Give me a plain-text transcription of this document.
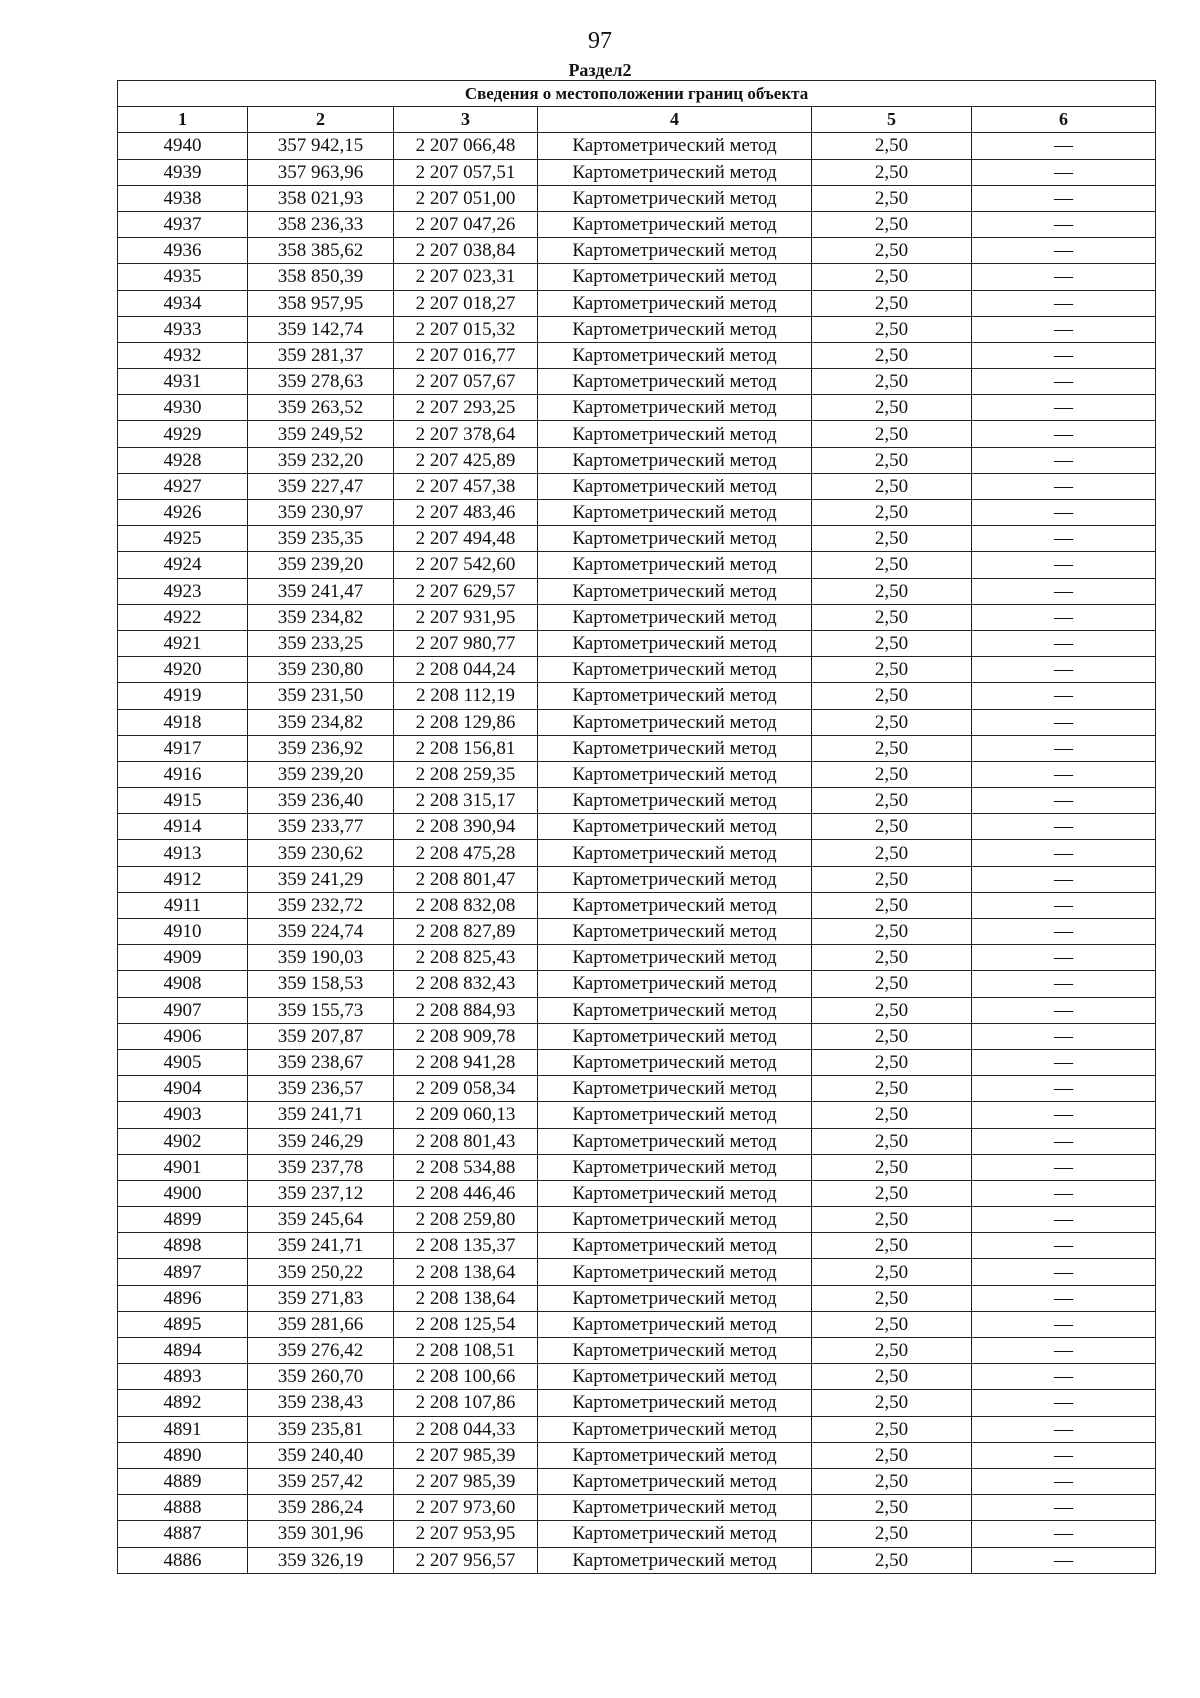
97
Раздел2
Сведения о местоположении границ объекта					
1	2	3	4	5	6
4940	357 942,15	2 207 066,48	Картометрический метод	2,50	—
4939	357 963,96	2 207 057,51	Картометрический метод	2,50	—
4938	358 021,93	2 207 051,00	Картометрический метод	2,50	—
4937	358 236,33	2 207 047,26	Картометрический метод	2,50	—
4936	358 385,62	2 207 038,84	Картометрический метод	2,50	—
4935	358 850,39	2 207 023,31	Картометрический метод	2,50	—
4934	358 957,95	2 207 018,27	Картометрический метод	2,50	—
4933	359 142,74	2 207 015,32	Картометрический метод	2,50	—
4932	359 281,37	2 207 016,77	Картометрический метод	2,50	—
4931	359 278,63	2 207 057,67	Картометрический метод	2,50	—
4930	359 263,52	2 207 293,25	Картометрический метод	2,50	—
4929	359 249,52	2 207 378,64	Картометрический метод	2,50	—
4928	359 232,20	2 207 425,89	Картометрический метод	2,50	—
4927	359 227,47	2 207 457,38	Картометрический метод	2,50	—
4926	359 230,97	2 207 483,46	Картометрический метод	2,50	—
4925	359 235,35	2 207 494,48	Картометрический метод	2,50	—
4924	359 239,20	2 207 542,60	Картометрический метод	2,50	—
4923	359 241,47	2 207 629,57	Картометрический метод	2,50	—
4922	359 234,82	2 207 931,95	Картометрический метод	2,50	—
4921	359 233,25	2 207 980,77	Картометрический метод	2,50	—
4920	359 230,80	2 208 044,24	Картометрический метод	2,50	—
4919	359 231,50	2 208 112,19	Картометрический метод	2,50	—
4918	359 234,82	2 208 129,86	Картометрический метод	2,50	—
4917	359 236,92	2 208 156,81	Картометрический метод	2,50	—
4916	359 239,20	2 208 259,35	Картометрический метод	2,50	—
4915	359 236,40	2 208 315,17	Картометрический метод	2,50	—
4914	359 233,77	2 208 390,94	Картометрический метод	2,50	—
4913	359 230,62	2 208 475,28	Картометрический метод	2,50	—
4912	359 241,29	2 208 801,47	Картометрический метод	2,50	—
4911	359 232,72	2 208 832,08	Картометрический метод	2,50	—
4910	359 224,74	2 208 827,89	Картометрический метод	2,50	—
4909	359 190,03	2 208 825,43	Картометрический метод	2,50	—
4908	359 158,53	2 208 832,43	Картометрический метод	2,50	—
4907	359 155,73	2 208 884,93	Картометрический метод	2,50	—
4906	359 207,87	2 208 909,78	Картометрический метод	2,50	—
4905	359 238,67	2 208 941,28	Картометрический метод	2,50	—
4904	359 236,57	2 209 058,34	Картометрический метод	2,50	—
4903	359 241,71	2 209 060,13	Картометрический метод	2,50	—
4902	359 246,29	2 208 801,43	Картометрический метод	2,50	—
4901	359 237,78	2 208 534,88	Картометрический метод	2,50	—
4900	359 237,12	2 208 446,46	Картометрический метод	2,50	—
4899	359 245,64	2 208 259,80	Картометрический метод	2,50	—
4898	359 241,71	2 208 135,37	Картометрический метод	2,50	—
4897	359 250,22	2 208 138,64	Картометрический метод	2,50	—
4896	359 271,83	2 208 138,64	Картометрический метод	2,50	—
4895	359 281,66	2 208 125,54	Картометрический метод	2,50	—
4894	359 276,42	2 208 108,51	Картометрический метод	2,50	—
4893	359 260,70	2 208 100,66	Картометрический метод	2,50	—
4892	359 238,43	2 208 107,86	Картометрический метод	2,50	—
4891	359 235,81	2 208 044,33	Картометрический метод	2,50	—
4890	359 240,40	2 207 985,39	Картометрический метод	2,50	—
4889	359 257,42	2 207 985,39	Картометрический метод	2,50	—
4888	359 286,24	2 207 973,60	Картометрический метод	2,50	—
4887	359 301,96	2 207 953,95	Картометрический метод	2,50	—
4886	359 326,19	2 207 956,57	Картометрический метод	2,50	—
